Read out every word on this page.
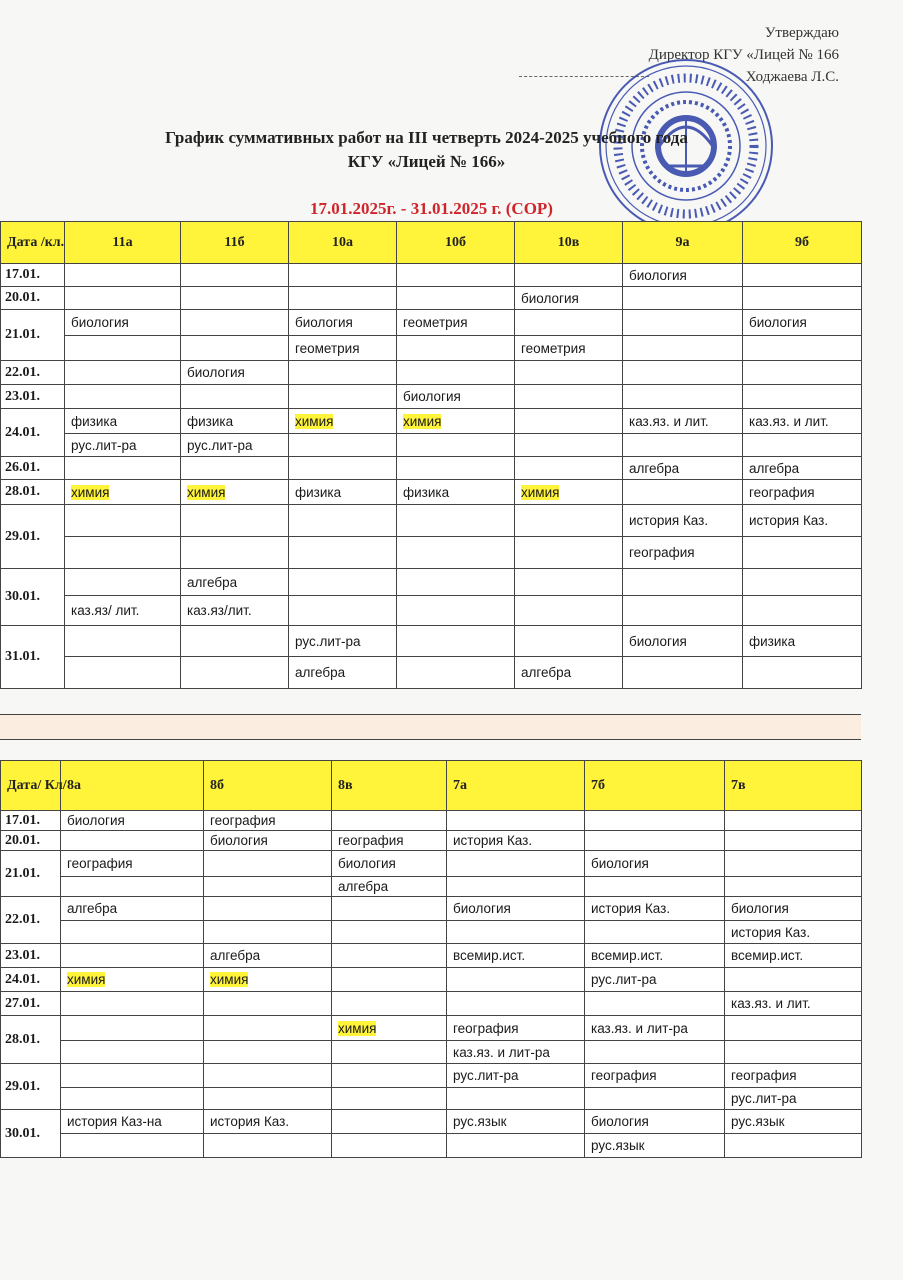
Утверждаю
Директор КГУ «Лицей № 166
Ходжаева Л.С.
График суммативных работ на III четверть 2024-2025 учебного года
КГУ «Лицей № 166»
17.01.2025г. - 31.01.2025 г. (СОР)
Дата /кл.	11а	11б	10а	10б	10в	9а	9б
17.01.						биология	
20.01.					биология		
21.01.	биология		биология	геометрия			биология
			геометрия		геометрия		
22.01.		биология					
23.01.				биология			
24.01.	физика	физика	химия	химия		каз.яз. и лит.	каз.яз. и лит.
	рус.лит-ра	рус.лит-ра					
26.01.						алгебра	алгебра
28.01.	химия	химия	физика	физика	химия		география
29.01.						история Каз.	история Каз.
						география	
30.01.		алгебра					
	каз.яз/ лит.	каз.яз/лит.					
31.01.			рус.лит-ра			биология	физика
			алгебра		алгебра		
Дата/ Кл/	8а	8б	8в	7а	7б	7в
17.01.	биология	география				
20.01.		биология	география	история Каз.		
21.01.	география		биология		биология	
			алгебра			
22.01.	алгебра			биология	история Каз.	биология
						история Каз.
23.01.		алгебра		всемир.ист.	всемир.ист.	всемир.ист.
24.01.	химия	химия			рус.лит-ра	
27.01.						каз.яз. и лит.
28.01.			химия	география	каз.яз. и лит-ра	
				каз.яз. и лит-ра		
29.01.				рус.лит-ра	география	география
						рус.лит-ра
30.01.	история Каз-на	история Каз.		рус.язык	биология	рус.язык
					рус.язык	
